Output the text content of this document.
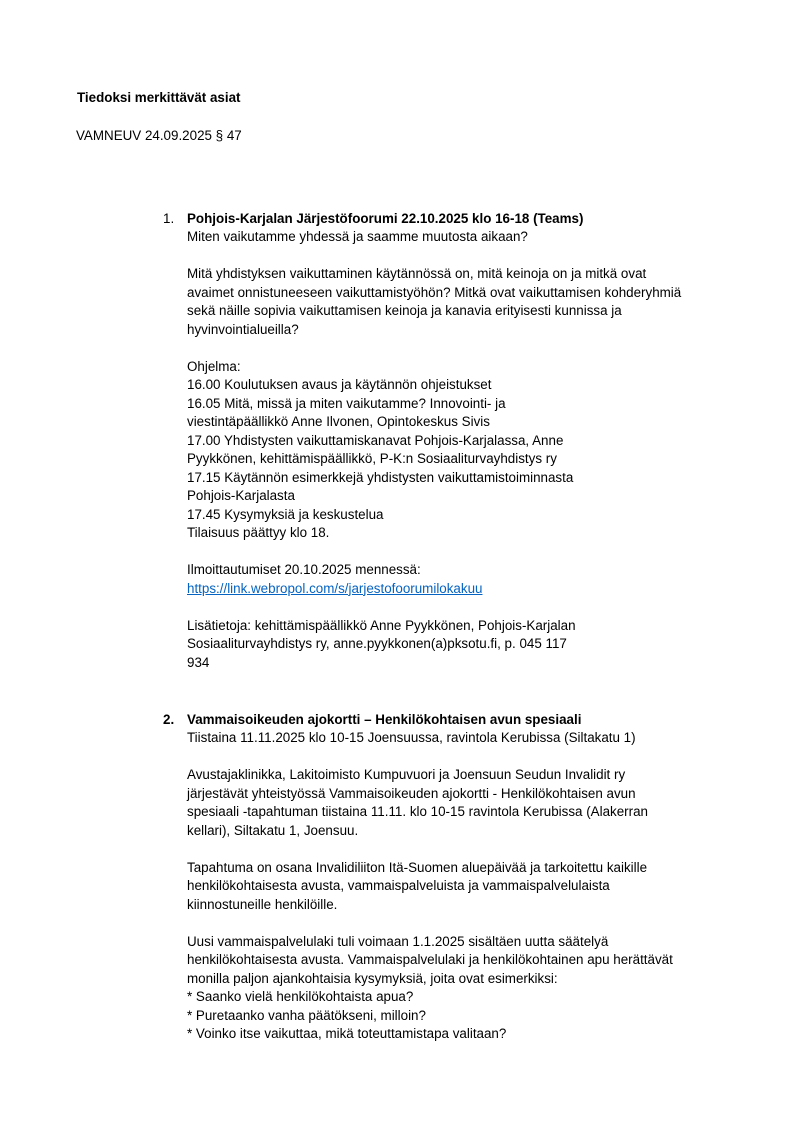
Tiedoksi merkittävät asiat
VAMNEUV 24.09.2025 § 47
1. Pohjois-Karjalan Järjestöfoorumi 22.10.2025 klo 16-18 (Teams)
Miten vaikutamme yhdessä ja saamme muutosta aikaan?
Mitä yhdistyksen vaikuttaminen käytännössä on, mitä keinoja on ja mitkä ovat
avaimet onnistuneeseen vaikuttamistyöhön? Mitkä ovat vaikuttamisen kohderyhmiä
sekä näille sopivia vaikuttamisen keinoja ja kanavia erityisesti kunnissa ja
hyvinvointialueilla?
Ohjelma:
16.00 Koulutuksen avaus ja käytännön ohjeistukset
16.05 Mitä, missä ja miten vaikutamme? Innovointi- ja
viestintäpäällikkö Anne Ilvonen, Opintokeskus Sivis
17.00 Yhdistysten vaikuttamiskanavat Pohjois-Karjalassa, Anne
Pyykkönen, kehittämispäällikkö, P-K:n Sosiaaliturvayhdistys ry
17.15 Käytännön esimerkkejä yhdistysten vaikuttamistoiminnasta
Pohjois-Karjalasta
17.45 Kysymyksiä ja keskustelua
Tilaisuus päättyy klo 18.
Ilmoittautumiset 20.10.2025 mennessä:
https://link.webropol.com/s/jarjestofoorumilokakuu
Lisätietoja: kehittämispäällikkö Anne Pyykkönen, Pohjois-Karjalan
Sosiaaliturvayhdistys ry, anne.pyykkonen(a)pksotu.fi, p. 045 117
934
2. Vammaisoikeuden ajokortti – Henkilökohtaisen avun spesiaali
Tiistaina 11.11.2025 klo 10-15 Joensuussa, ravintola Kerubissa (Siltakatu 1)
Avustajaklinikka, Lakitoimisto Kumpuvuori ja Joensuun Seudun Invalidit ry
järjestävät yhteistyössä Vammaisoikeuden ajokortti - Henkilökohtaisen avun
spesiaali -tapahtuman tiistaina 11.11. klo 10-15 ravintola Kerubissa (Alakerran
kellari), Siltakatu 1, Joensuu.
Tapahtuma on osana Invalidiliiton Itä-Suomen aluepäivää ja tarkoitettu kaikille
henkilökohtaisesta avusta, vammaispalveluista ja vammaispalvelulaista
kiinnostuneille henkilöille.
Uusi vammaispalvelulaki tuli voimaan 1.1.2025 sisältäen uutta säätelyä
henkilökohtaisesta avusta. Vammaispalvelulaki ja henkilökohtainen apu herättävät
monilla paljon ajankohtaisia kysymyksiä, joita ovat esimerkiksi:
* Saanko vielä henkilökohtaista apua?
* Puretaanko vanha päätökseni, milloin?
* Voinko itse vaikuttaa, mikä toteuttamistapa valitaan?
